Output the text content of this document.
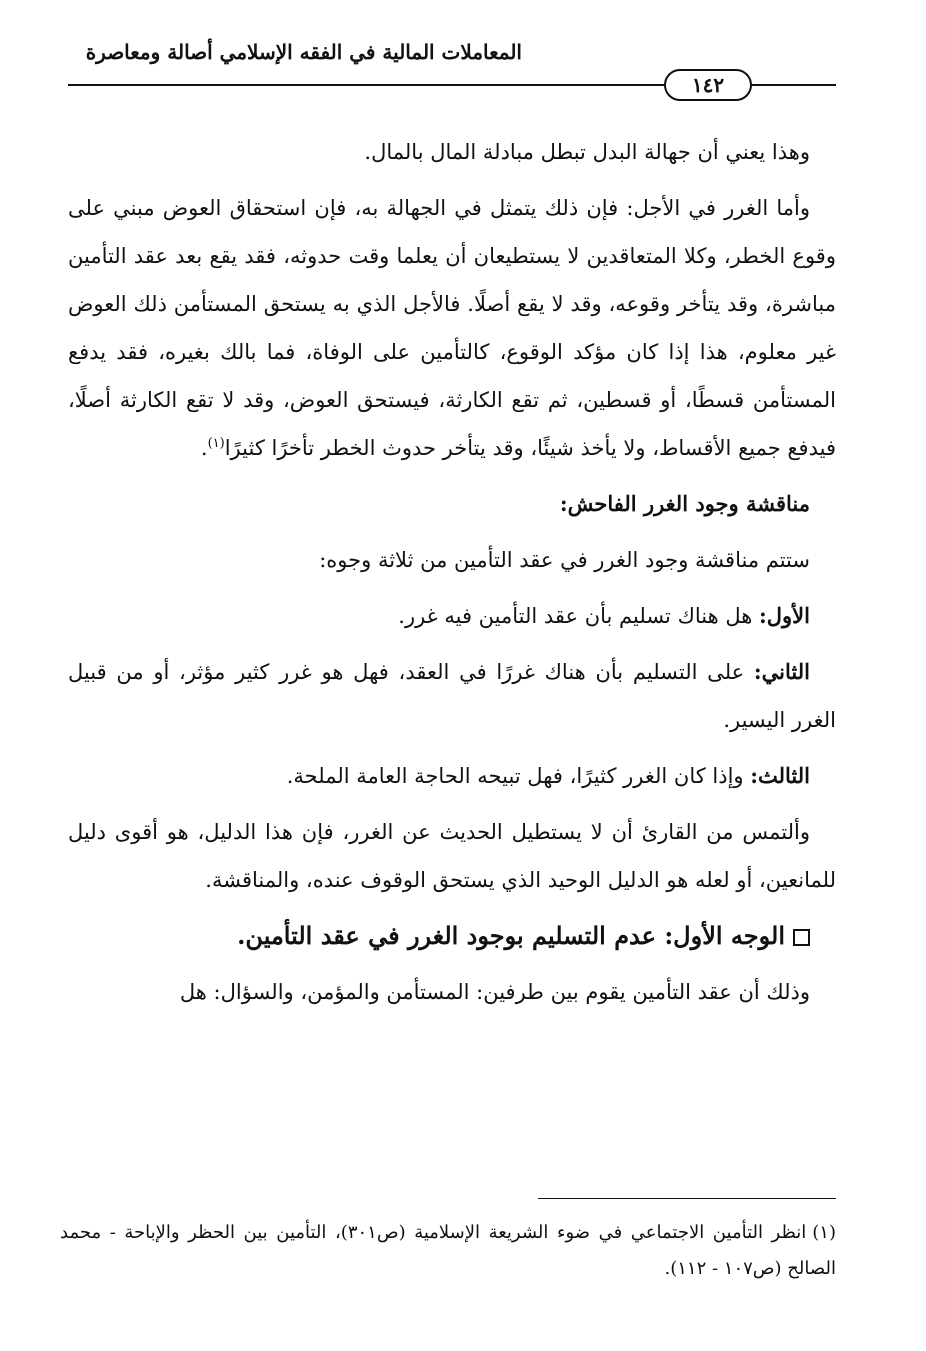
المعاملات المالية في الفقه الإسلامي أصالة ومعاصرة
١٤٢

وهذا يعني أن جهالة البدل تبطل مبادلة المال بالمال.

وأما الغرر في الأجل: فإن ذلك يتمثل في الجهالة به، فإن استحقاق العوض مبني على وقوع الخطر، وكلا المتعاقدين لا يستطيعان أن يعلما وقت حدوثه، فقد يقع بعد عقد التأمين مباشرة، وقد يتأخر وقوعه، وقد لا يقع أصلًا. فالأجل الذي به يستحق المستأمن ذلك العوض غير معلوم، هذا إذا كان مؤكد الوقوع، كالتأمين على الوفاة، فما بالك بغيره، فقد يدفع المستأمن قسطًا، أو قسطين، ثم تقع الكارثة، فيستحق العوض، وقد لا تقع الكارثة أصلًا، فيدفع جميع الأقساط، ولا يأخذ شيئًا، وقد يتأخر حدوث الخطر تأخرًا كثيرًا$^{(١)}$.

مناقشة وجود الغرر الفاحش:

ستتم مناقشة وجود الغرر في عقد التأمين من ثلاثة وجوه:

الأول: هل هناك تسليم بأن عقد التأمين فيه غرر.

الثاني: على التسليم بأن هناك غررًا في العقد، فهل هو غرر كثير مؤثر، أو من قبيل الغرر اليسير.

الثالث: وإذا كان الغرر كثيرًا، فهل تبيحه الحاجة العامة الملحة.

وألتمس من القارئ أن لا يستطيل الحديث عن الغرر، فإن هذا الدليل، هو أقوى دليل للمانعين، أو لعله هو الدليل الوحيد الذي يستحق الوقوف عنده، والمناقشة.

الوجه الأول: عدم التسليم بوجود الغرر في عقد التأمين.

وذلك أن عقد التأمين يقوم بين طرفين: المستأمن والمؤمن، والسؤال: هل

(١)انظر التأمين الاجتماعي في ضوء الشريعة الإسلامية (ص٣٠١)، التأمين بين الحظر والإباحة - محمد الصالح (ص١٠٧ - ١١٢).
